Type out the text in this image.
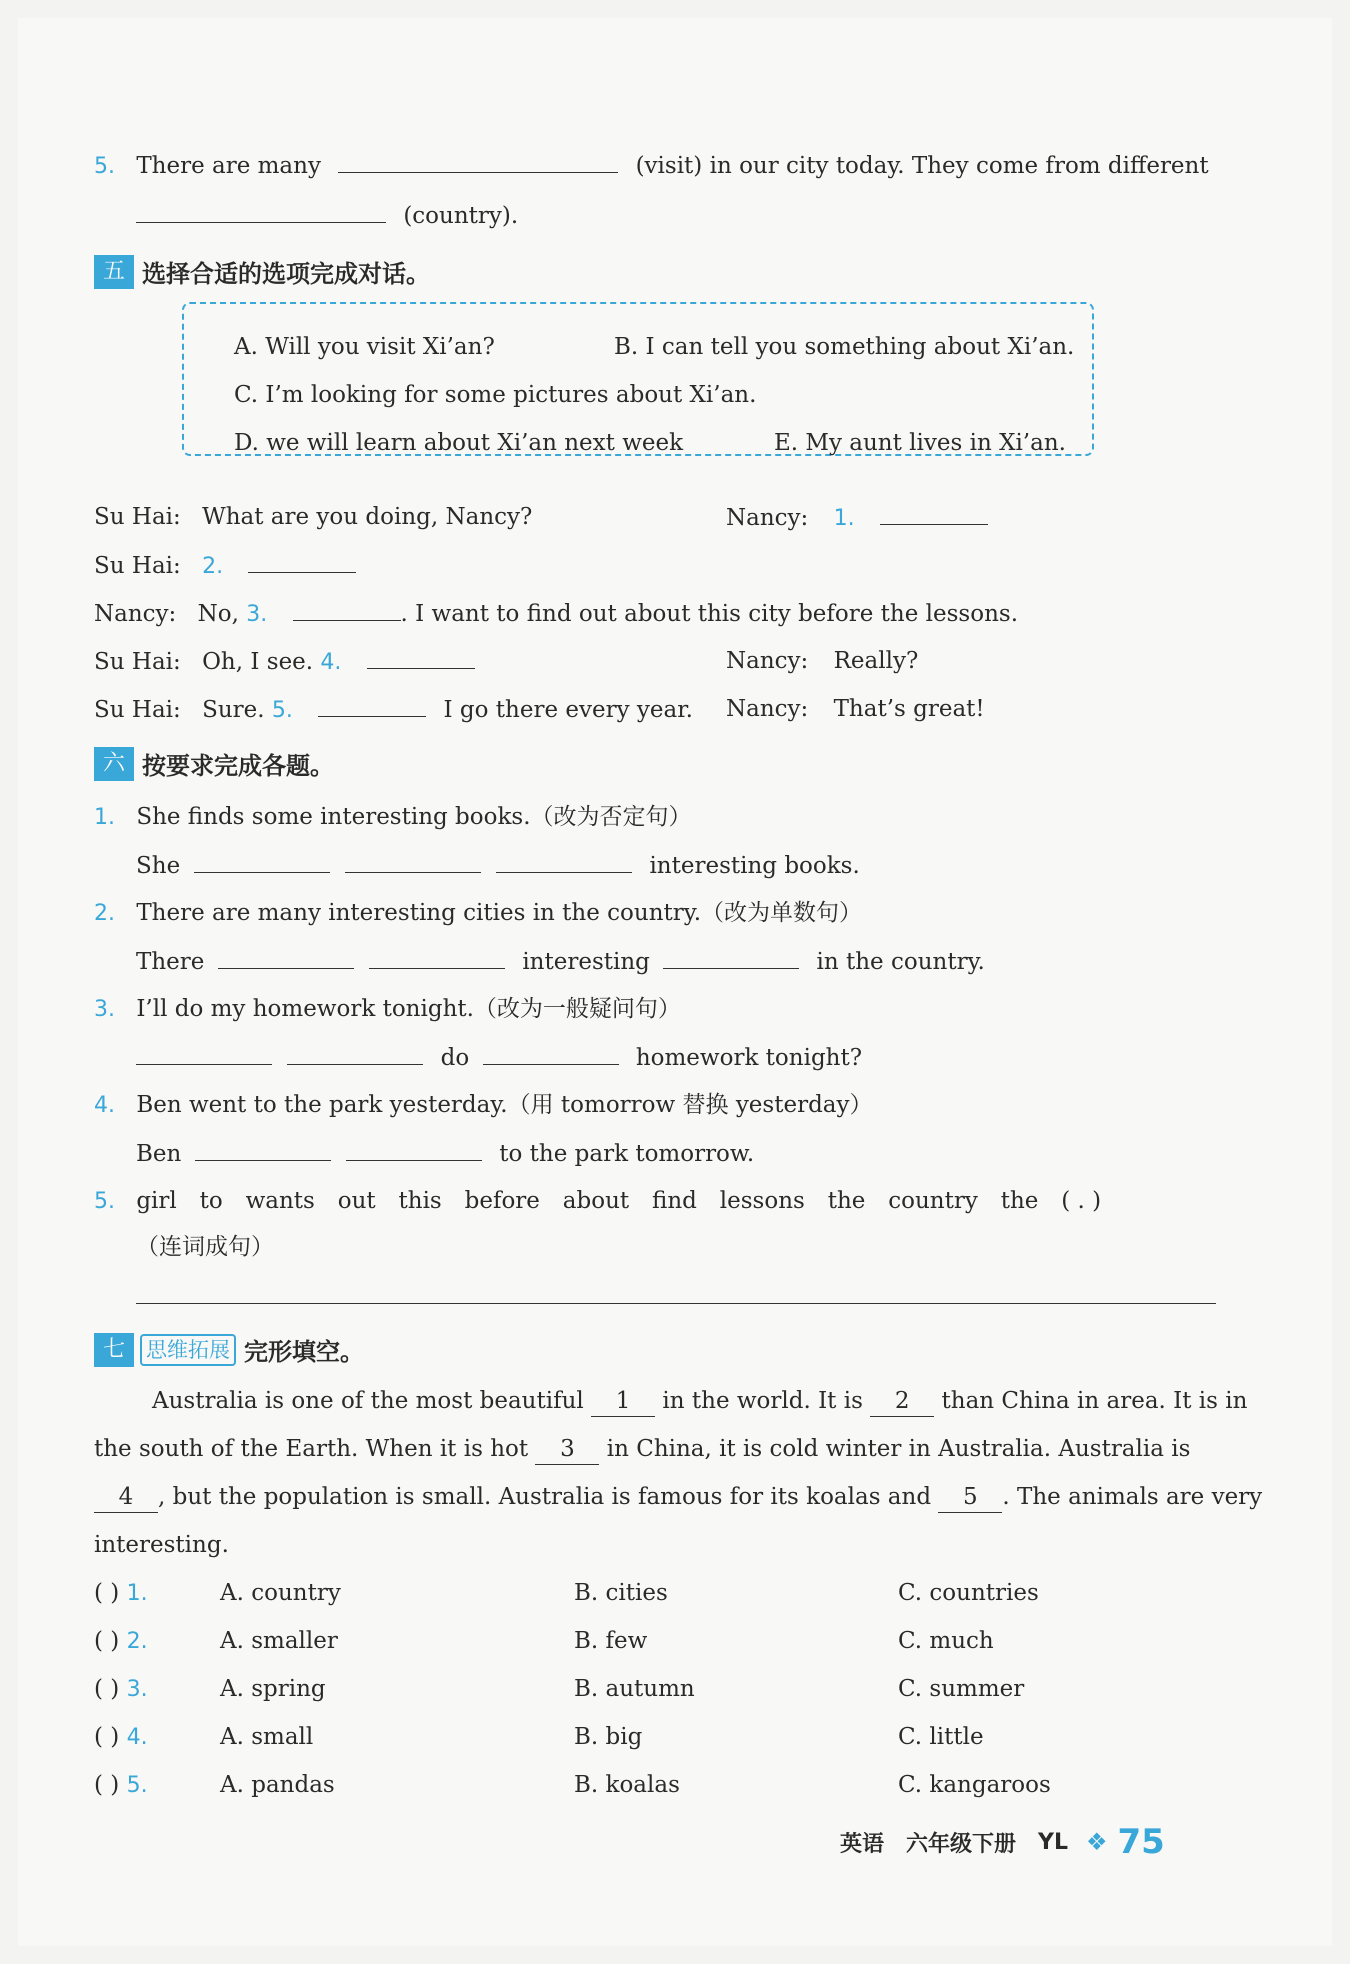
5. There are many	(visit) in our city today. They come from different
(country).
五 选择合适的选项完成对话。
A. Will you visit Xi’an?	B. I can tell you something about Xi’an.
C. I’m looking for some pictures about Xi’an.
D. we will learn about Xi’an next week	E. My aunt lives in Xi’an.
Su Hai: What are you doing, Nancy?	Nancy: 1.
Su Hai: 2.
Nancy: No, 3.	. I want to find out about this city before the lessons.
Su Hai: Oh, I see. 4.	Nancy: Really?
Su Hai: Sure. 5.	I go there every year. Nancy: That’s great!
六 按要求完成各题。
1. She finds some interesting books.（改为否定句）
She	interesting books.
2. There are many interesting cities in the country.（改为单数句）
There	interesting	in the country.
3. I’ll do my homework tonight.（改为一般疑问句）
do	homework tonight?
4. Ben went to the park yesterday.（用 tomorrow 替换 yesterday）
Ben	to the park tomorrow.
5. girl to wants out this before about find lessons the country the ( . )
（连词成句）
七	思维拓展 完形填空。
Australia is one of the most beautiful 1 in the world. It is 2 than China in area. It is in
the south of the Earth. When it is hot 3 in China, it is cold winter in Australia. Australia is
4 , but the population is small. Australia is famous for its koalas and 5 . The animals are very
interesting.
( ) 1.	A. country	B. cities	C. countries
( ) 2.	A. smaller	B. few	C. much
( ) 3.	A. spring	B. autumn	C. summer
( ) 4.	A. small	B. big	C. little
( ) 5.	A. pandas	B. koalas	C. kangaroos
英语 六年级下册 YL ❖ 75
